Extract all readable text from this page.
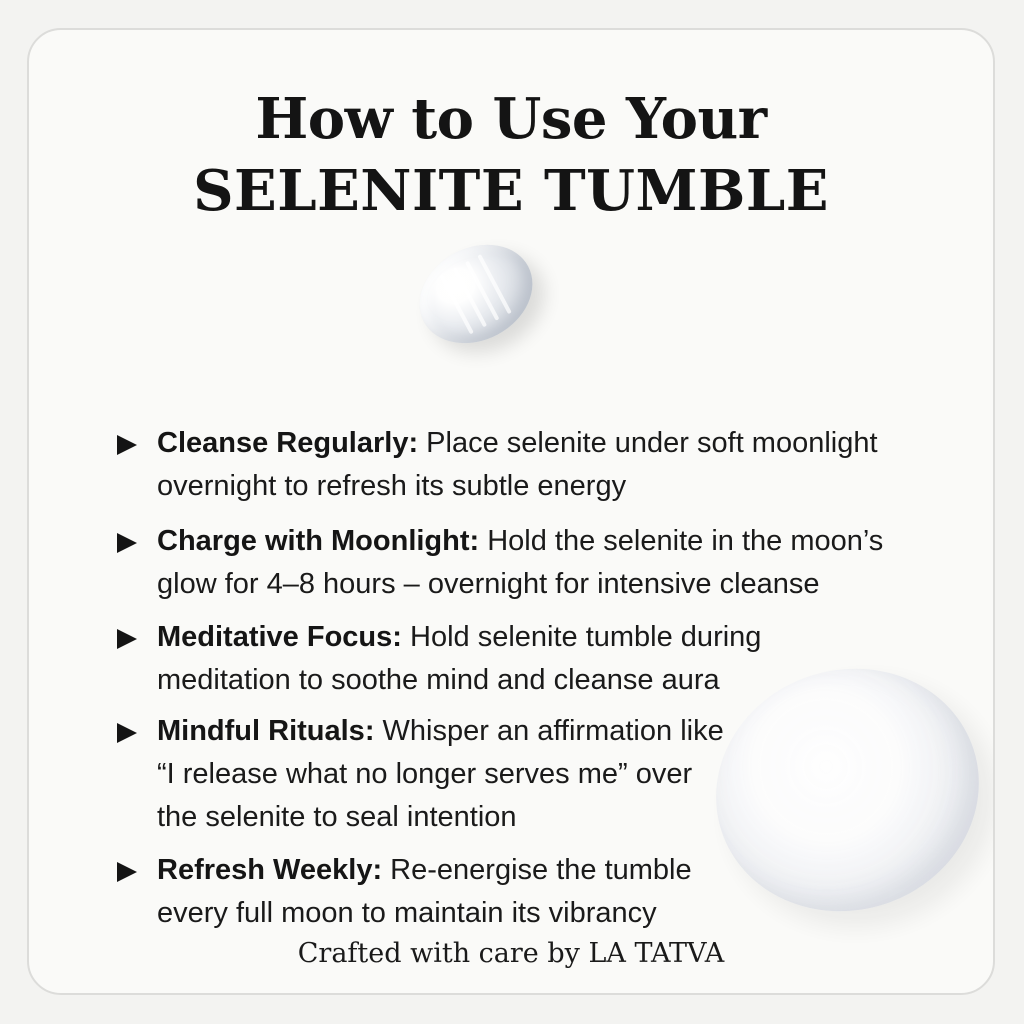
How to Use Your
SELENITE TUMBLE
Cleanse Regularly: Place selenite under soft moonlight
overnight to refresh its subtle energy
Charge with Moonlight: Hold the selenite in the moon’s
glow for 4–8 hours – overnight for intensive cleanse
Meditative Focus: Hold selenite tumble during
meditation to soothe mind and cleanse aura
Mindful Rituals: Whisper an affirmation like
“I release what no longer serves me” over
the selenite to seal intention
Refresh Weekly: Re-energise the tumble
every full moon to maintain its vibrancy
Crafted with care by LA TATVA
